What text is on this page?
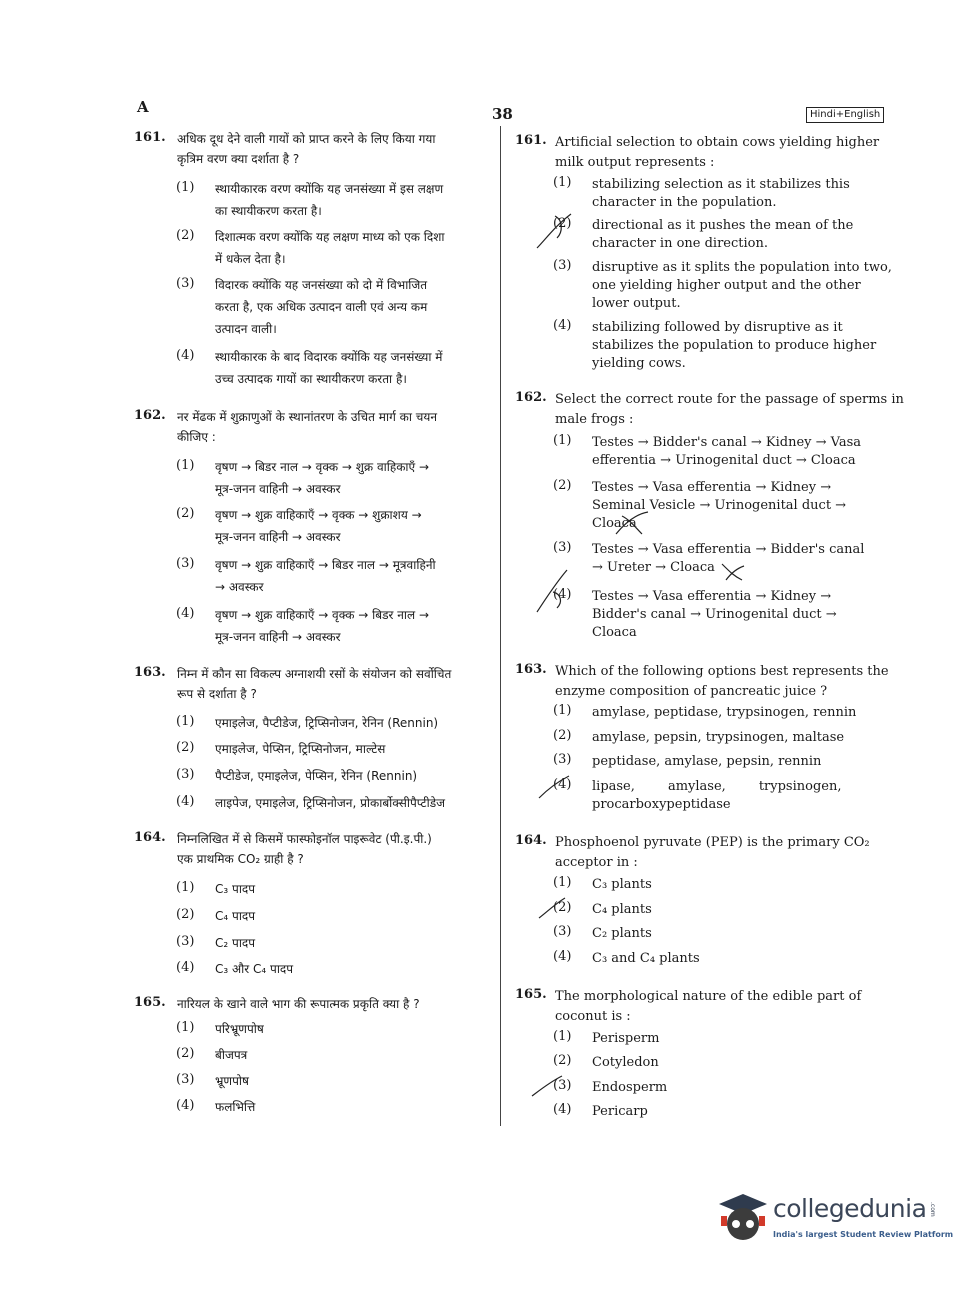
A	38	Hindi+English
161. अधिक दूध देने वाली गायों को प्राप्त करने के लिए किया गया
कृत्रिम वरण क्या दर्शाता है ?
(1) स्थायीकारक वरण क्योंकि यह जनसंख्या में इस लक्षण
का स्थायीकरण करता है।
(2) दिशात्मक वरण क्योंकि यह लक्षण माध्य को एक दिशा
में धकेल देता है।
(3) विदारक क्योंकि यह जनसंख्या को दो में विभाजित
करता है, एक अधिक उत्पादन वाली एवं अन्य कम
उत्पादन वाली।
(4) स्थायीकारक के बाद विदारक क्योंकि यह जनसंख्या में
उच्च उत्पादक गायों का स्थायीकरण करता है।
162. नर मेंढक में शुक्राणुओं के स्थानांतरण के उचित मार्ग का चयन
कीजिए :
(1) वृषण → बिडर नाल → वृक्क → शुक्र वाहिकाएँ →
मूत्र-जनन वाहिनी → अवस्कर
(2) वृषण → शुक्र वाहिकाएँ → वृक्क → शुक्राशय →
मूत्र-जनन वाहिनी → अवस्कर
(3) वृषण → शुक्र वाहिकाएँ → बिडर नाल → मूत्रवाहिनी
→ अवस्कर
(4) वृषण → शुक्र वाहिकाएँ → वृक्क → बिडर नाल →
मूत्र-जनन वाहिनी → अवस्कर
163. निम्न में कौन सा विकल्प अग्नाशयी रसों के संयोजन को सर्वोचित
रूप से दर्शाता है ?
(1) एमाइलेज, पैप्टीडेज, ट्रिप्सिनोजन, रेनिन (Rennin)
(2) एमाइलेज, पेप्सिन, ट्रिप्सिनोजन, माल्टेस
(3) पैप्टीडेज, एमाइलेज, पेप्सिन, रेनिन (Rennin)
(4) लाइपेज, एमाइलेज, ट्रिप्सिनोजन, प्रोकार्बोक्सीपैप्टीडेज
164. निम्नलिखित में से किसमें फास्फोइनॉल पाइरूवेट (पी.इ.पी.)
एक प्राथमिक CO₂ ग्राही है ?
(1) C₃ पादप
(2) C₄ पादप
(3) C₂ पादप
(4) C₃ और C₄ पादप
165. नारियल के खाने वाले भाग की रूपात्मक प्रकृति क्या है ?
(1) परिभ्रूणपोष
(2) बीजपत्र
(3) भ्रूणपोष
(4) फलभित्ति
161. Artificial selection to obtain cows yielding higher
milk output represents :
(1) stabilizing selection as it stabilizes this
character in the population.
(2) directional as it pushes the mean of the
character in one direction.
(3) disruptive as it splits the population into two,
one yielding higher output and the other
lower output.
(4) stabilizing followed by disruptive as it
stabilizes the population to produce higher
yielding cows.
162. Select the correct route for the passage of sperms in
male frogs :
(1) Testes → Bidder's canal → Kidney → Vasa
efferentia → Urinogenital duct → Cloaca
(2) Testes → Vasa efferentia → Kidney →
Seminal Vesicle → Urinogenital duct →
Cloaca
(3) Testes → Vasa efferentia → Bidder's canal
→ Ureter → Cloaca
(4) Testes → Vasa efferentia → Kidney →
Bidder's canal → Urinogenital duct →
Cloaca
163. Which of the following options best represents the
enzyme composition of pancreatic juice ?
(1) amylase, peptidase, trypsinogen, rennin
(2) amylase, pepsin, trypsinogen, maltase
(3) peptidase, amylase, pepsin, rennin
(4) lipase,        amylase,        trypsinogen,
procarboxypeptidase
164. Phosphoenol pyruvate (PEP) is the primary CO₂
acceptor in :
(1) C₃ plants
(2) C₄ plants
(3) C₂ plants
(4) C₃ and C₄ plants
165. The morphological nature of the edible part of
coconut is :
(1) Perisperm
(2) Cotyledon
(3) Endosperm
(4) Pericarp
collegedunia
India's largest Student Review Platform
.com
